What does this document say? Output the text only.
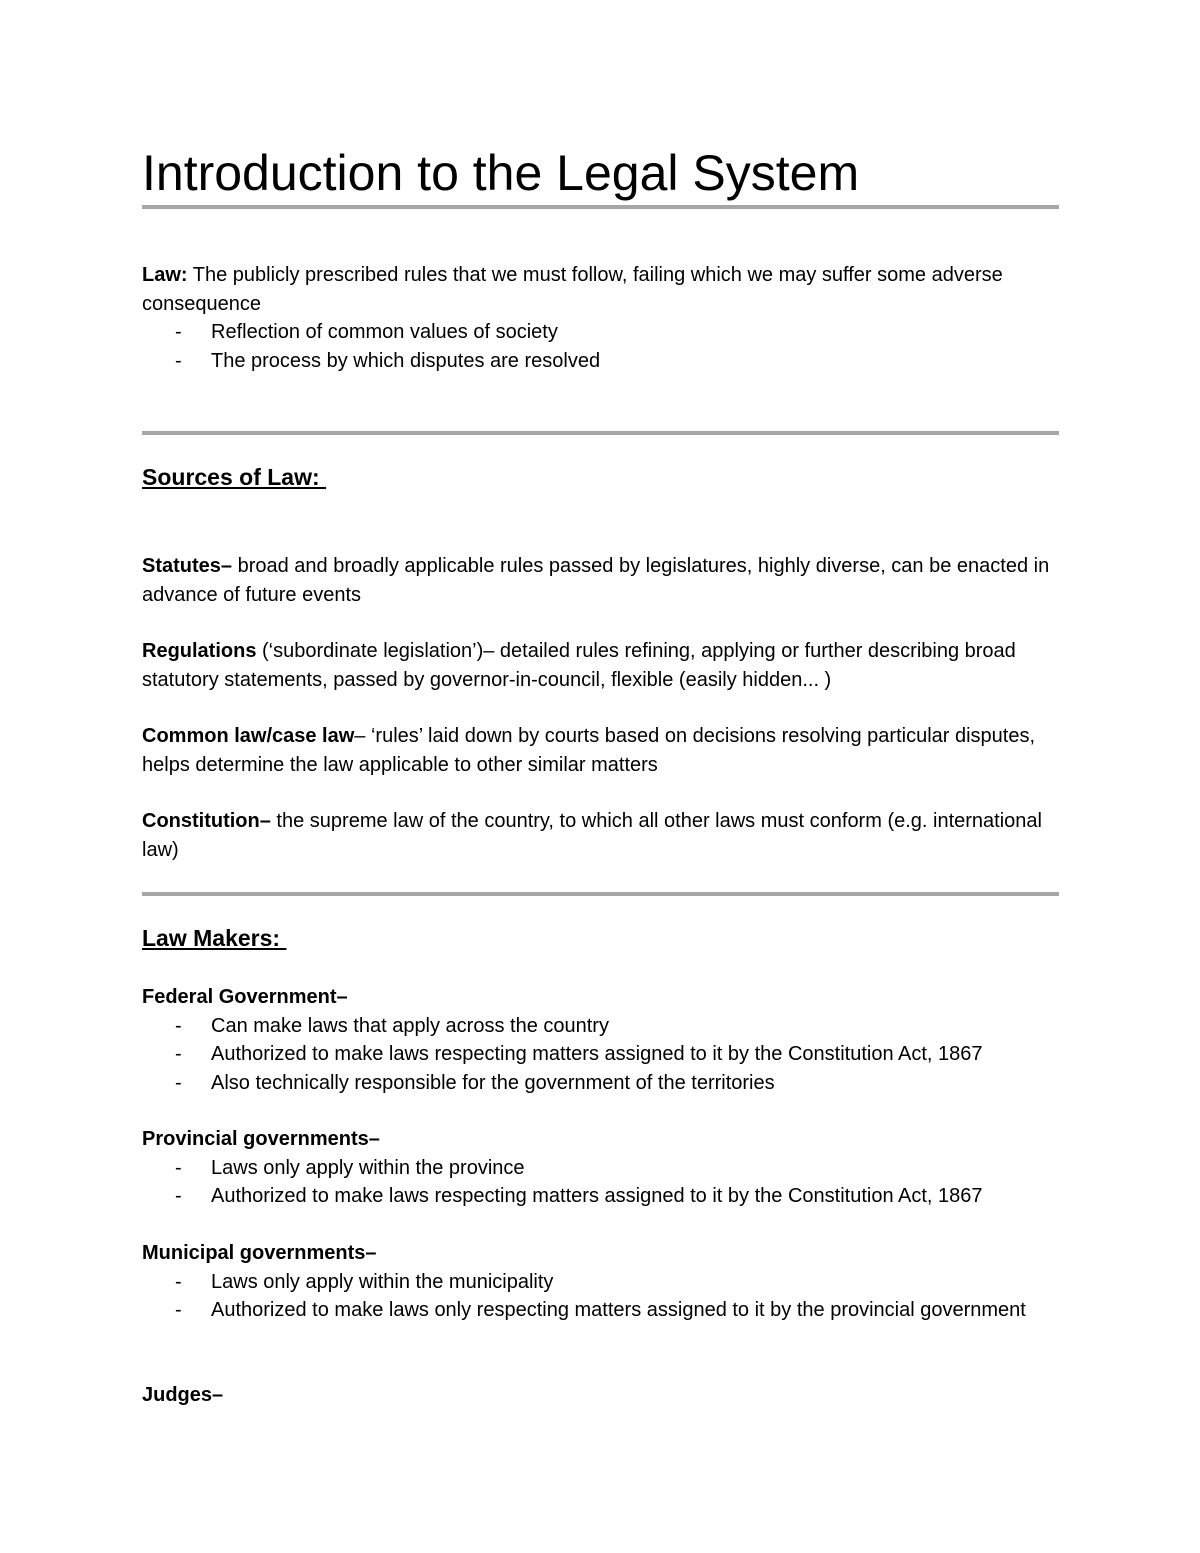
Introduction to the Legal System

Law: The publicly prescribed rules that we must follow, failing which we may suffer some adverse consequence

- Reflection of common values of society
- The process by which disputes are resolved
Sources of Law:

Statutes– broad and broadly applicable rules passed by legislatures, highly diverse, can be enacted in advance of future events

Regulations (‘subordinate legislation’)– detailed rules refining, applying or further describing broad statutory statements, passed by governor-in-council, flexible (easily hidden... )

Common law/case law– ‘rules’ laid down by courts based on decisions resolving particular disputes, helps determine the law applicable to other similar matters

Constitution– the supreme law of the country, to which all other laws must conform (e.g. international law)

Law Makers:

Federal Government–

- Can make laws that apply across the country
- Authorized to make laws respecting matters assigned to it by the Constitution Act, 1867
- Also technically responsible for the government of the territories

Provincial governments–

- Laws only apply within the province
- Authorized to make laws respecting matters assigned to it by the Constitution Act, 1867

Municipal governments–

- Laws only apply within the municipality
- Authorized to make laws only respecting matters assigned to it by the provincial government

Judges–
